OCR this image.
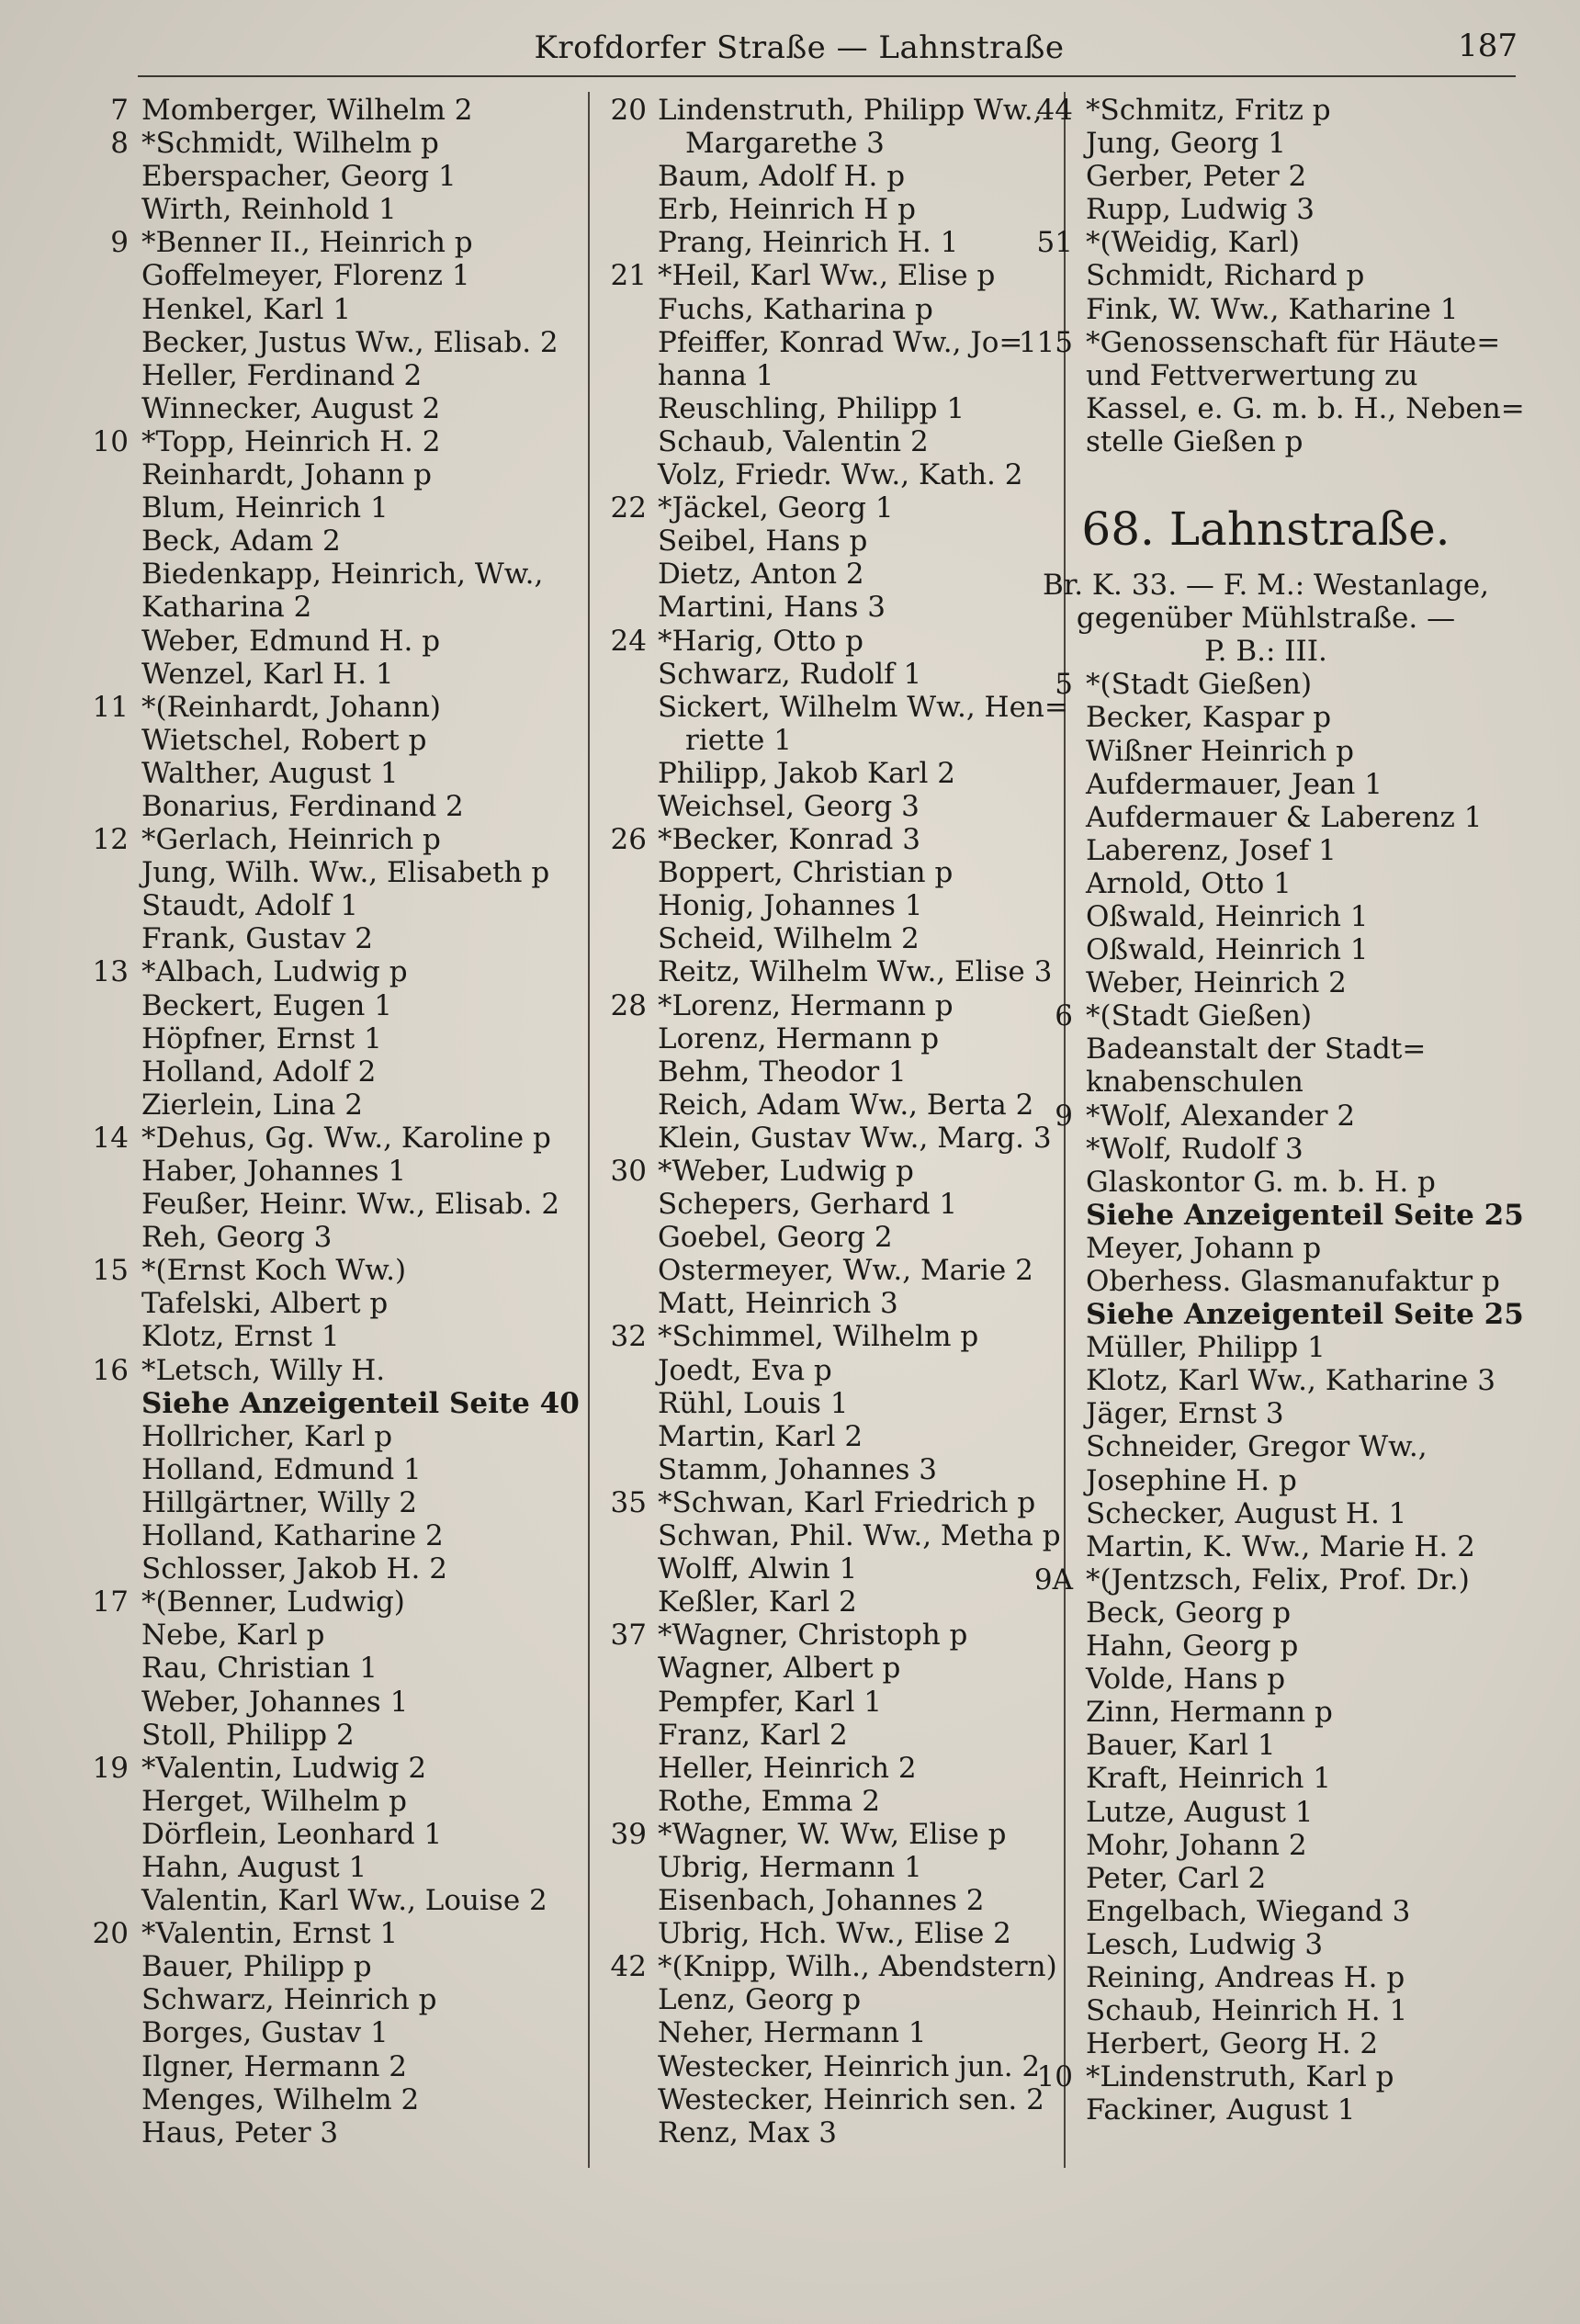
Krofdorfer Straße — Lahnstraße	187
7 Momberger, Wilhelm 2
8 *Schmidt, Wilhelm p
Eberspacher, Georg 1
Wirth, Reinhold 1
9 *Benner II., Heinrich p
Goffelmeyer, Florenz 1
Henkel, Karl 1
Becker, Justus Ww., Elisab. 2
Heller, Ferdinand 2
Winnecker, August 2
10 *Topp, Heinrich H. 2
Reinhardt, Johann p
Blum, Heinrich 1
Beck, Adam 2
Biedenkapp, Heinrich, Ww.,
Katharina 2
Weber, Edmund H. p
Wenzel, Karl H. 1
11 *(Reinhardt, Johann)
Wietschel, Robert p
Walther, August 1
Bonarius, Ferdinand 2
12 *Gerlach, Heinrich p
Jung, Wilh. Ww., Elisabeth p
Staudt, Adolf 1
Frank, Gustav 2
13 *Albach, Ludwig p
Beckert, Eugen 1
Höpfner, Ernst 1
Holland, Adolf 2
Zierlein, Lina 2
14 *Dehus, Gg. Ww., Karoline p
Haber, Johannes 1
Feußer, Heinr. Ww., Elisab. 2
Reh, Georg 3
15 *(Ernst Koch Ww.)
Tafelski, Albert p
Klotz, Ernst 1
16 *Letsch, Willy H.
Siehe Anzeigenteil Seite 40
Hollricher, Karl p
Holland, Edmund 1
Hillgärtner, Willy 2
Holland, Katharine 2
Schlosser, Jakob H. 2
17 *(Benner, Ludwig)
Nebe, Karl p
Rau, Christian 1
Weber, Johannes 1
Stoll, Philipp 2
19 *Valentin, Ludwig 2
Herget, Wilhelm p
Dörflein, Leonhard 1
Hahn, August 1
Valentin, Karl Ww., Louise 2
20 *Valentin, Ernst 1
Bauer, Philipp p
Schwarz, Heinrich p
Borges, Gustav 1
Ilgner, Hermann 2
Menges, Wilhelm 2
Haus, Peter 3
20 Lindenstruth, Philipp Ww.,
Margarethe 3
Baum, Adolf H. p
Erb, Heinrich H p
Prang, Heinrich H. 1
21 *Heil, Karl Ww., Elise p
Fuchs, Katharina p
Pfeiffer, Konrad Ww., Jo=
hanna 1
Reuschling, Philipp 1
Schaub, Valentin 2
Volz, Friedr. Ww., Kath. 2
22 *Jäckel, Georg 1
Seibel, Hans p
Dietz, Anton 2
Martini, Hans 3
24 *Harig, Otto p
Schwarz, Rudolf 1
Sickert, Wilhelm Ww., Hen=
riette 1
Philipp, Jakob Karl 2
Weichsel, Georg 3
26 *Becker, Konrad 3
Boppert, Christian p
Honig, Johannes 1
Scheid, Wilhelm 2
Reitz, Wilhelm Ww., Elise 3
28 *Lorenz, Hermann p
Lorenz, Hermann p
Behm, Theodor 1
Reich, Adam Ww., Berta 2
Klein, Gustav Ww., Marg. 3
30 *Weber, Ludwig p
Schepers, Gerhard 1
Goebel, Georg 2
Ostermeyer, Ww., Marie 2
Matt, Heinrich 3
32 *Schimmel, Wilhelm p
Joedt, Eva p
Rühl, Louis 1
Martin, Karl 2
Stamm, Johannes 3
35 *Schwan, Karl Friedrich p
Schwan, Phil. Ww., Metha p
Wolff, Alwin 1
Keßler, Karl 2
37 *Wagner, Christoph p
Wagner, Albert p
Pempfer, Karl 1
Franz, Karl 2
Heller, Heinrich 2
Rothe, Emma 2
39 *Wagner, W. Ww, Elise p
Ubrig, Hermann 1
Eisenbach, Johannes 2
Ubrig, Hch. Ww., Elise 2
42 *(Knipp, Wilh., Abendstern)
Lenz, Georg p
Neher, Hermann 1
Westecker, Heinrich jun. 2
Westecker, Heinrich sen. 2
Renz, Max 3
44 *Schmitz, Fritz p
Jung, Georg 1
Gerber, Peter 2
Rupp, Ludwig 3
51 *(Weidig, Karl)
Schmidt, Richard p
Fink, W. Ww., Katharine 1
115 *Genossenschaft für Häute=
und Fettverwertung zu
Kassel, e. G. m. b. H., Neben=
stelle Gießen p
68. Lahnstraße.
Br. K. 33. — F. M.: Westanlage,
gegenüber Mühlstraße. —
P. B.: III.
5 *(Stadt Gießen)
Becker, Kaspar p
Wißner Heinrich p
Aufdermauer, Jean 1
Aufdermauer & Laberenz 1
Laberenz, Josef 1
Arnold, Otto 1
Oßwald, Heinrich 1
Oßwald, Heinrich 1
Weber, Heinrich 2
6 *(Stadt Gießen)
Badeanstalt der Stadt=
knabenschulen
9 *Wolf, Alexander 2
*Wolf, Rudolf 3
Glaskontor G. m. b. H. p
Siehe Anzeigenteil Seite 25
Meyer, Johann p
Oberhess. Glasmanufaktur p
Siehe Anzeigenteil Seite 25
Müller, Philipp 1
Klotz, Karl Ww., Katharine 3
Jäger, Ernst 3
Schneider, Gregor Ww.,
Josephine H. p
Schecker, August H. 1
Martin, K. Ww., Marie H. 2
9A *(Jentzsch, Felix, Prof. Dr.)
Beck, Georg p
Hahn, Georg p
Volde, Hans p
Zinn, Hermann p
Bauer, Karl 1
Kraft, Heinrich 1
Lutze, August 1
Mohr, Johann 2
Peter, Carl 2
Engelbach, Wiegand 3
Lesch, Ludwig 3
Reining, Andreas H. p
Schaub, Heinrich H. 1
Herbert, Georg H. 2
10 *Lindenstruth, Karl p
Fackiner, August 1
